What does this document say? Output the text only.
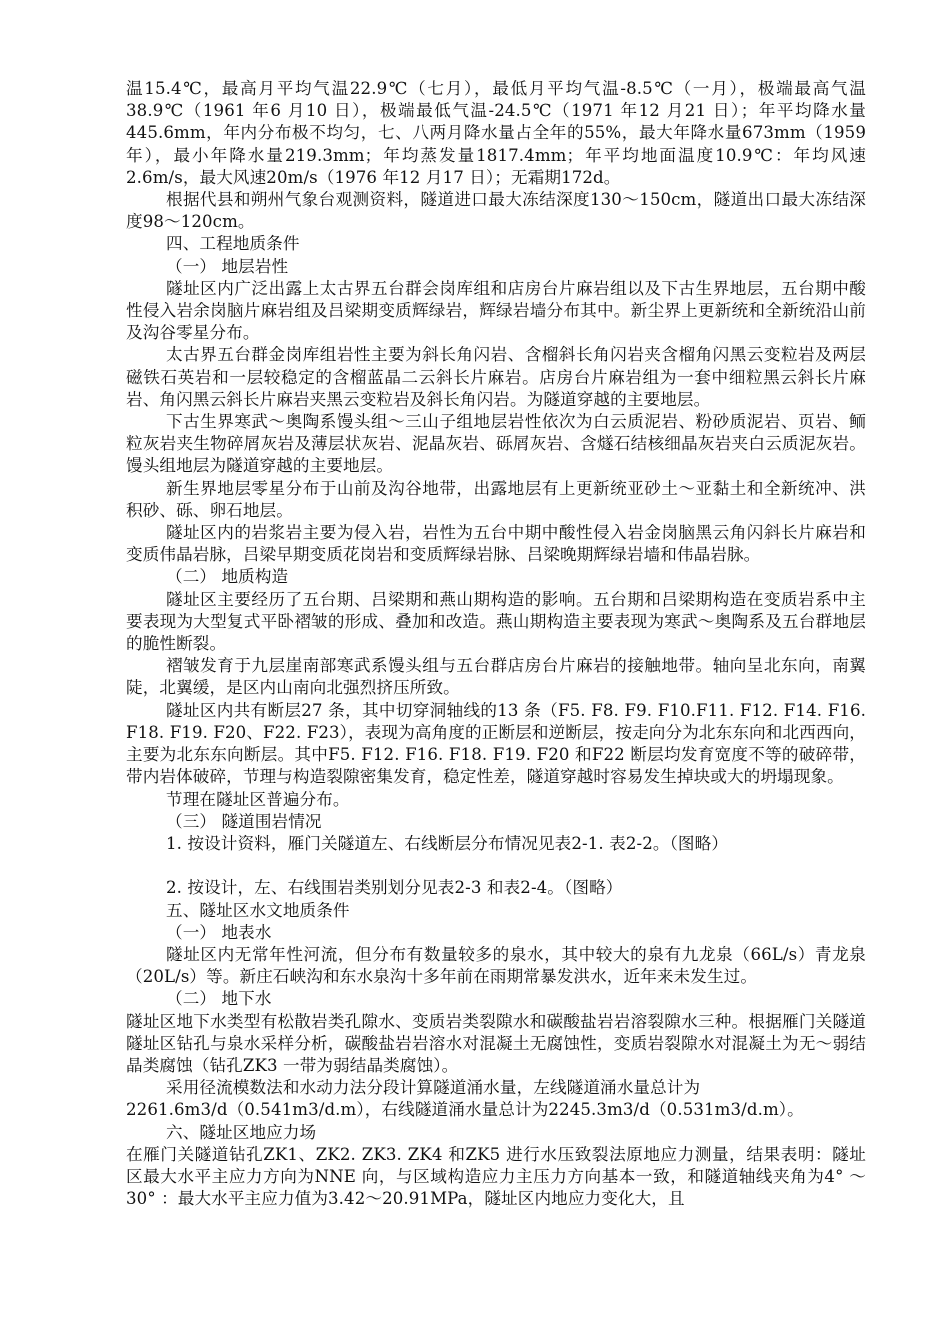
温15.4℃，最高月平均气温22.9℃（七月），最低月平均气温-8.5℃（一月），极端最高气温38.9℃（1961 年6 月10 日），极端最低气温-24.5℃（1971 年12 月21 日）；年平均降水量445.6mm，年内分布极不均匀，七、八两月降水量占全年的55%，最大年降水量673mm（1959 年），最小年降水量219.3mm；年均蒸发量1817.4mm；年平均地面温度10.9℃：年均风速2.6m/s，最大风速20m/s（1976 年12 月17 日）；无霜期172d。

根据代县和朔州气象台观测资料，隧道进口最大冻结深度130～150cm，隧道出口最大冻结深度98～120cm。

四、工程地质条件

（一） 地层岩性

隧址区内广泛出露上太古界五台群会岗库组和店房台片麻岩组以及下古生界地层，五台期中酸性侵入岩余岗脑片麻岩组及吕梁期变质辉绿岩，辉绿岩墙分布其中。新尘界上更新统和全新统沿山前及沟谷零星分布。

太古界五台群金岗库组岩性主要为斜长角闪岩、含榴斜长角闪岩夹含榴角闪黑云变粒岩及两层磁铁石英岩和一层较稳定的含榴蓝晶二云斜长片麻岩。店房台片麻岩组为一套中细粒黑云斜长片麻岩、角闪黑云斜长片麻岩夹黑云变粒岩及斜长角闪岩。为隧道穿越的主要地层。

下古生界寒武～奥陶系馒头组～三山子组地层岩性依次为白云质泥岩、粉砂质泥岩、页岩、鲕粒灰岩夹生物碎屑灰岩及薄层状灰岩、泥晶灰岩、砾屑灰岩、含燧石结核细晶灰岩夹白云质泥灰岩。馒头组地层为隧道穿越的主要地层。

新生界地层零星分布于山前及沟谷地带，出露地层有上更新统亚砂土～亚黏土和全新统冲、洪积砂、砾、卵石地层。

隧址区内的岩浆岩主要为侵入岩，岩性为五台中期中酸性侵入岩金岗脑黑云角闪斜长片麻岩和变质伟晶岩脉，吕梁早期变质花岗岩和变质辉绿岩脉、吕梁晚期辉绿岩墙和伟晶岩脉。

（二） 地质构造

隧址区主要经历了五台期、吕梁期和燕山期构造的影响。五台期和吕梁期构造在变质岩系中主要表现为大型复式平卧褶皱的形成、叠加和改造。燕山期构造主要表现为寒武～奥陶系及五台群地层的脆性断裂。

褶皱发育于九层崖南部寒武系馒头组与五台群店房台片麻岩的接触地带。轴向呈北东向，南翼陡，北翼缓，是区内山南向北强烈挤压所致。

隧址区内共有断层27 条，其中切穿洞轴线的13 条（F5. F8. F9. F10.F11. F12. F14. F16. F18. F19. F20、F22. F23），表现为高角度的正断层和逆断层，按走向分为北东东向和北西西向，主要为北东东向断层。其中F5. F12. F16. F18. F19. F20 和F22 断层均发育宽度不等的破碎带，带内岩体破碎，节理与构造裂隙密集发育，稳定性差，隧道穿越时容易发生掉块或大的坍塌现象。

节理在隧址区普遍分布。

（三） 隧道围岩情况

1. 按设计资料，雁门关隧道左、右线断层分布情况见表2-1. 表2-2。（图略）

2. 按设计，左、右线围岩类别划分见表2-3 和表2-4。（图略）

五、隧址区水文地质条件

（一） 地表水

隧址区内无常年性河流，但分布有数量较多的泉水，其中较大的泉有九龙泉（66L/s）青龙泉（20L/s）等。新庄石峡沟和东水泉沟十多年前在雨期常暴发洪水，近年来未发生过。

（二） 地下水

隧址区地下水类型有松散岩类孔隙水、变质岩类裂隙水和碳酸盐岩岩溶裂隙水三种。根据雁门关隧道隧址区钻孔与泉水采样分析，碳酸盐岩岩溶水对混凝土无腐蚀性，变质岩裂隙水对混凝土为无～弱结晶类腐蚀（钻孔ZK3 一带为弱结晶类腐蚀）。

采用径流模数法和水动力法分段计算隧道涌水量，左线隧道涌水量总计为

2261.6m3/d（0.541m3/d.m），右线隧道涌水量总计为2245.3m3/d（0.531m3/d.m）。

六、隧址区地应力场

在雁门关隧道钻孔ZK1、ZK2. ZK3. ZK4 和ZK5 进行水压致裂法原地应力测量，结果表明：隧址区最大水平主应力方向为NNE 向，与区域构造应力主压力方向基本一致，和隧道轴线夹角为4° ～30° ：最大水平主应力值为3.42～20.91MPa，隧址区内地应力变化大，且
